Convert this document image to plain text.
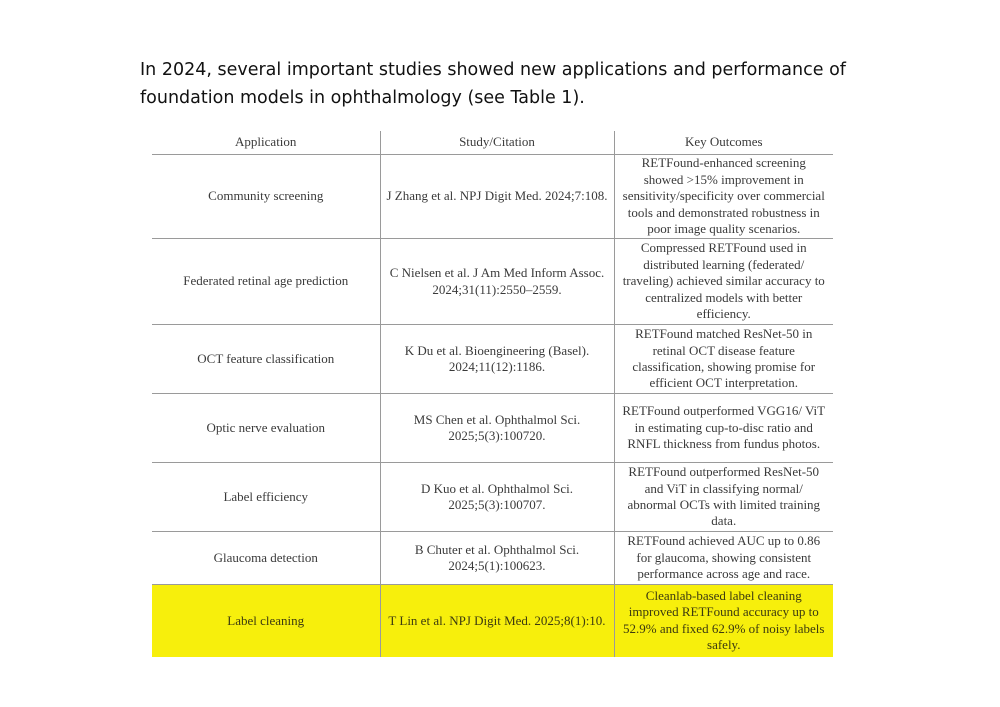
In 2024, several important studies showed new applications and performance of
foundation models in ophthalmology (see Table 1).

Application	Study/Citation	Key Outcomes
Community screening	J Zhang et al. NPJ Digit Med. 2024;7:108.	RETFound-enhanced screening showed >15% improvement in sensitivity/specificity over commercial tools and demonstrated robustness in poor image quality scenarios.
Federated retinal age prediction	C Nielsen et al. J Am Med Inform Assoc. 2024;31(11):2550–2559.	Compressed RETFound used in distributed learning (federated/ traveling) achieved similar accuracy to centralized models with better efficiency.
OCT feature classification	K Du et al. Bioengineering (Basel). 2024;11(12):1186.	RETFound matched ResNet-50 in retinal OCT disease feature classification, showing promise for efficient OCT interpretation.
Optic nerve evaluation	MS Chen et al. Ophthalmol Sci. 2025;5(3):100720.	RETFound outperformed VGG16/ ViT in estimating cup-to-disc ratio and RNFL thickness from fundus photos.
Label efficiency	D Kuo et al. Ophthalmol Sci. 2025;5(3):100707.	RETFound outperformed ResNet-50 and ViT in classifying normal/ abnormal OCTs with limited training data.
Glaucoma detection	B Chuter et al. Ophthalmol Sci. 2024;5(1):100623.	RETFound achieved AUC up to 0.86 for glaucoma, showing consistent performance across age and race.
Label cleaning	T Lin et al. NPJ Digit Med. 2025;8(1):10.	Cleanlab-based label cleaning improved RETFound accuracy up to 52.9% and fixed 62.9% of noisy labels safely.
